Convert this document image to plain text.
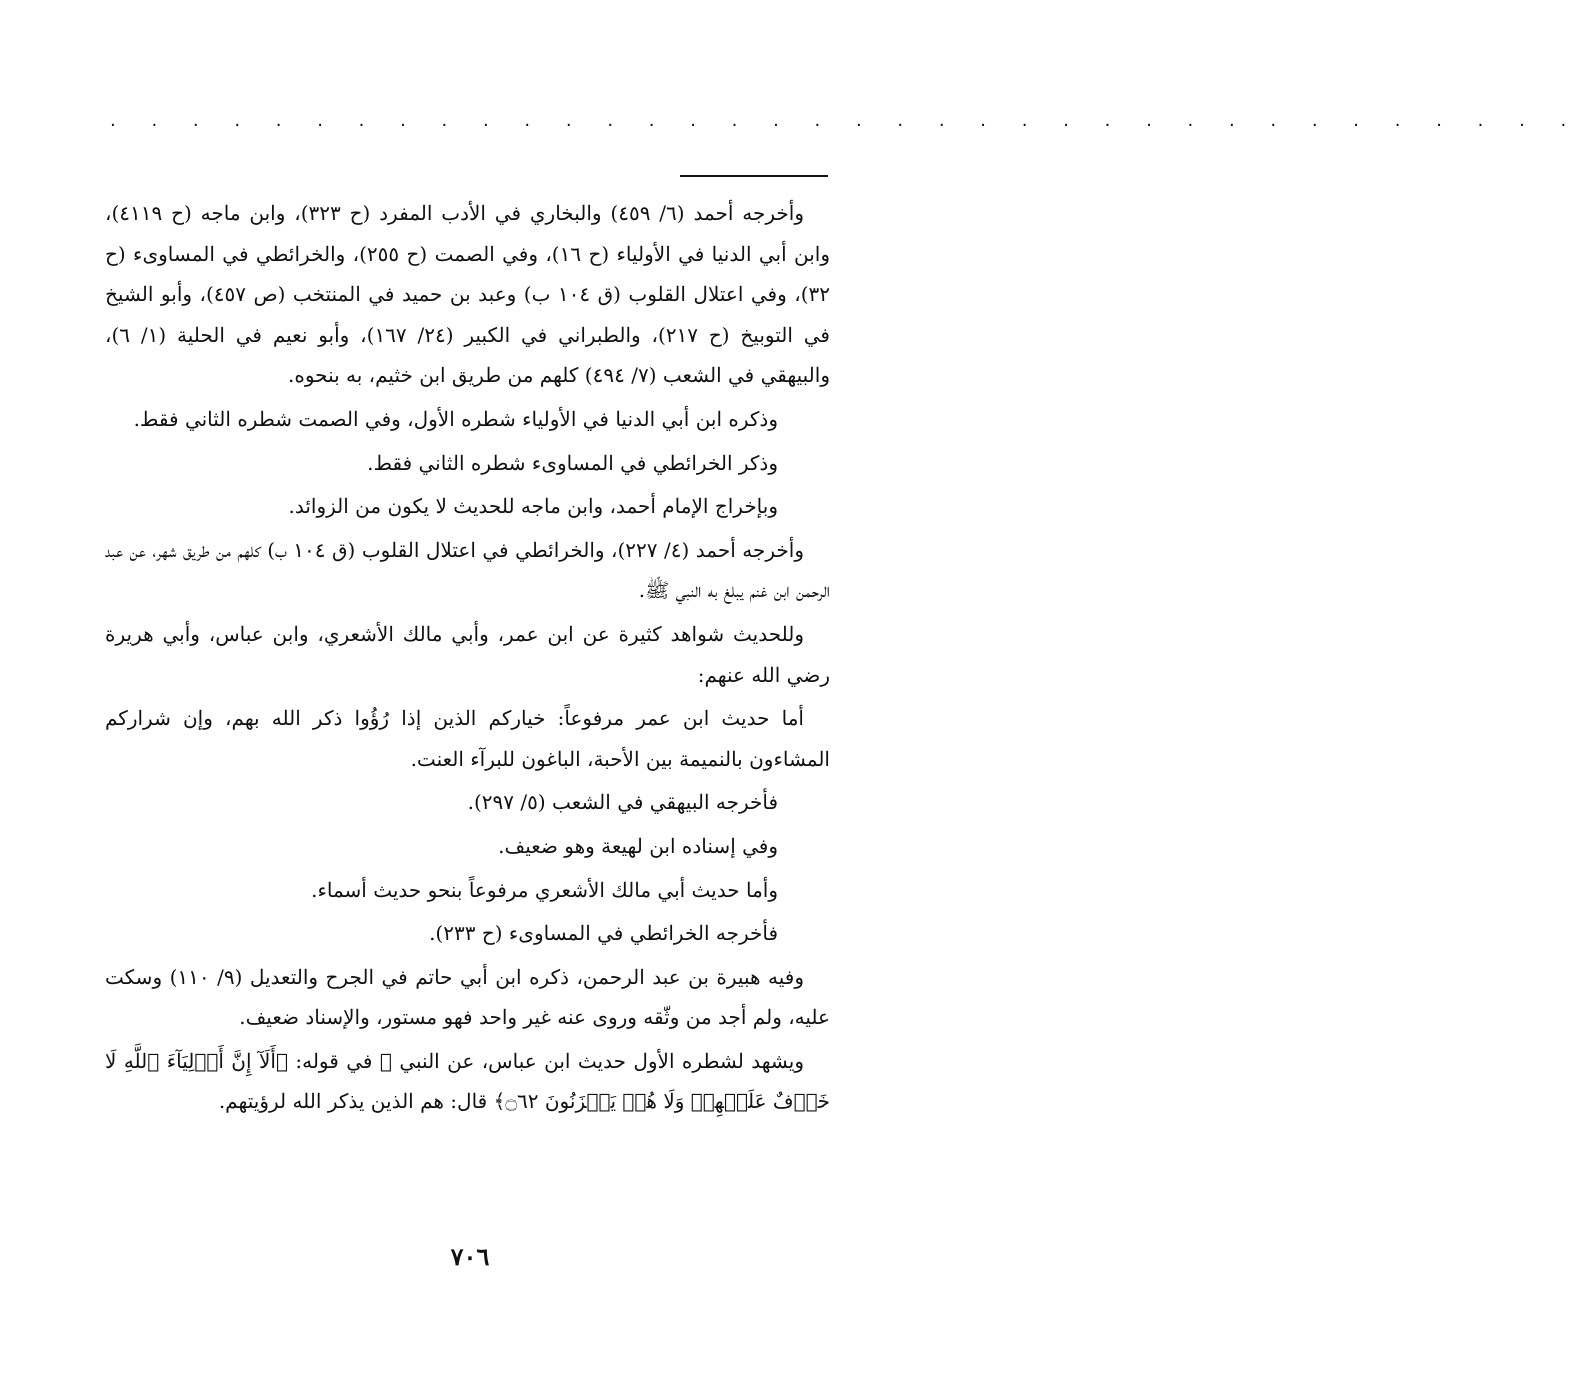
. . . . . . . . . . . . . . . . . . . . . . . . . . . . . . . . . . . .

وأخرجه أحمد (٦/ ٤٥٩) والبخاري في الأدب المفرد (ح ٣٢٣)، وابن ماجه (ح ٤١١٩)، وابن أبي الدنيا في الأولياء (ح ١٦)، وفي الصمت (ح ٢٥٥)، والخرائطي في المساوىء (ح ٣٢)، وفي اعتلال القلوب (ق ١٠٤ ب) وعبد بن حميد في المنتخب (ص ٤٥٧)، وأبو الشيخ في التوبيخ (ح ٢١٧)، والطبراني في الكبير (٢٤/ ١٦٧)، وأبو نعيم في الحلية (١/ ٦)، والبيهقي في الشعب (٧/ ٤٩٤) كلهم من طريق ابن خثيم، به بنحوه.

وذكره ابن أبي الدنيا في الأولياء شطره الأول، وفي الصمت شطره الثاني فقط.

وذكر الخرائطي في المساوىء شطره الثاني فقط.

وبإخراج الإمام أحمد، وابن ماجه للحديث لا يكون من الزوائد.

وأخرجه أحمد (٤/ ٢٢٧)، والخرائطي في اعتلال القلوب (ق ١٠٤ ب) كلهم من طريق شهر، عن عبد الرحمن ابن غنم يبلغ به النبي ﷺ.

وللحديث شواهد كثيرة عن ابن عمر، وأبي مالك الأشعري، وابن عباس، وأبي هريرة رضي الله عنهم:

أما حديث ابن عمر مرفوعاً: خياركم الذين إذا رُؤُوا ذكر الله بهم، وإن شراركم المشاءون بالنميمة بين الأحبة، الباغون للبرآء العنت.

فأخرجه البيهقي في الشعب (٥/ ٢٩٧).

وفي إسناده ابن لهيعة وهو ضعيف.

وأما حديث أبي مالك الأشعري مرفوعاً بنحو حديث أسماء.

فأخرجه الخرائطي في المساوىء (ح ٢٣٣).

وفيه هبيرة بن عبد الرحمن، ذكره ابن أبي حاتم في الجرح والتعديل (٩/ ١١٠) وسكت عليه، ولم أجد من وثّقه وروى عنه غير واحد فهو مستور، والإسناد ضعيف.

ويشهد لشطره الأول حديث ابن عباس، عن النبي ﷺ في قوله: ﴿أَلَآ إِنَّ أَوۡلِيَآءَ ٱللَّهِ لَا خَوۡفٌ عَلَيۡهِمۡ وَلَا هُمۡ يَحۡزَنُونَ ۝٦٢﴾ قال: هم الذين يذكر الله لرؤيتهم.

٧٠٦
